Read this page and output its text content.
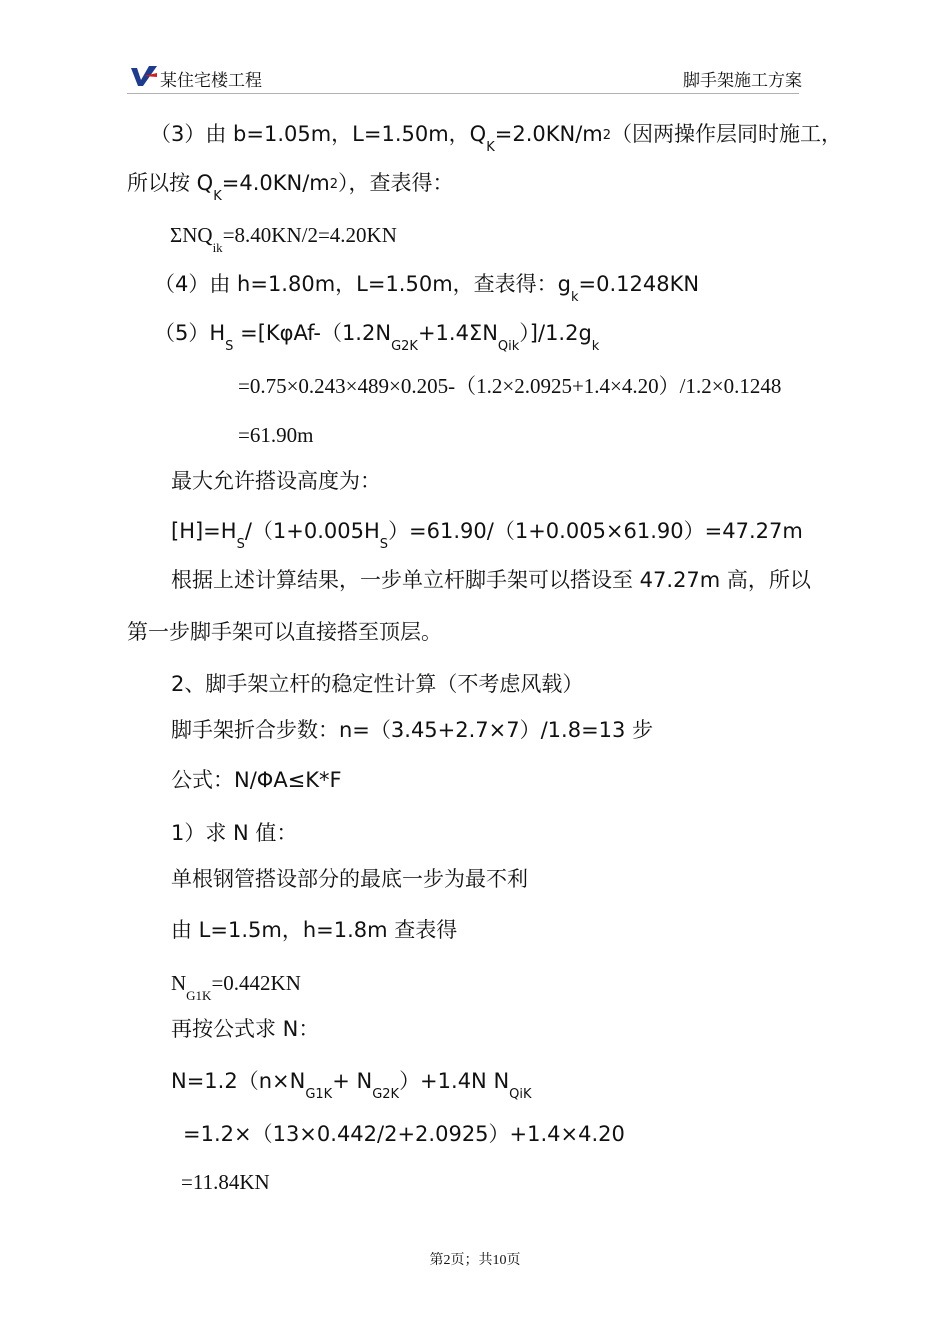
某住宅楼工程	脚手架施工方案
（3）由 b=1.05m，L=1.50m，$Q_K=2.0KN/m2$（因两操作层同时施工，
所以按 $Q_K=4.0KN/m2$），查表得：
$\Sigma NQ_{ik}=8.40KN/2=4.20KN$
（4）由 h=1.80m，L=1.50m，查表得：$g_k=0.1248KN$
$(5)H_S =[K\varphi Af-(1.2N_{G2K}+1.4\Sigma N_{Qik})]/1.2g_k$
=0.75×0.243×489×0.205-（1.2×2.0925+1.4×4.20）/1.2×0.1248
=61.90m
最大允许搭设高度为：
$[H]=H_S/(1+0.005H_S)=61.90/(1+0.005\times 61.90)=47.27m$
根据上述计算结果，一步单立杆脚手架可以搭设至 47.27m 高，所以
第一步脚手架可以直接搭至顶层。
2、脚手架立杆的稳定性计算（不考虑风载）
脚手架折合步数：n=（3.45+2.7×7）/1.8=13 步
公式：N/ΦA≤K*F
1）求 N 值：
单根钢管搭设部分的最底一步为最不利
由 L=1.5m，h=1.8m 查表得
$N_{G1K}=0.442KN$
再按公式求 N：
$N=1.2(n\times N_{G1K}+ N_{G2K})+1.4N$ $N_{QiK}$
=1.2×（13×0.442/2+2.0925）+1.4×4.20
=11.84KN
第2页；共10页
